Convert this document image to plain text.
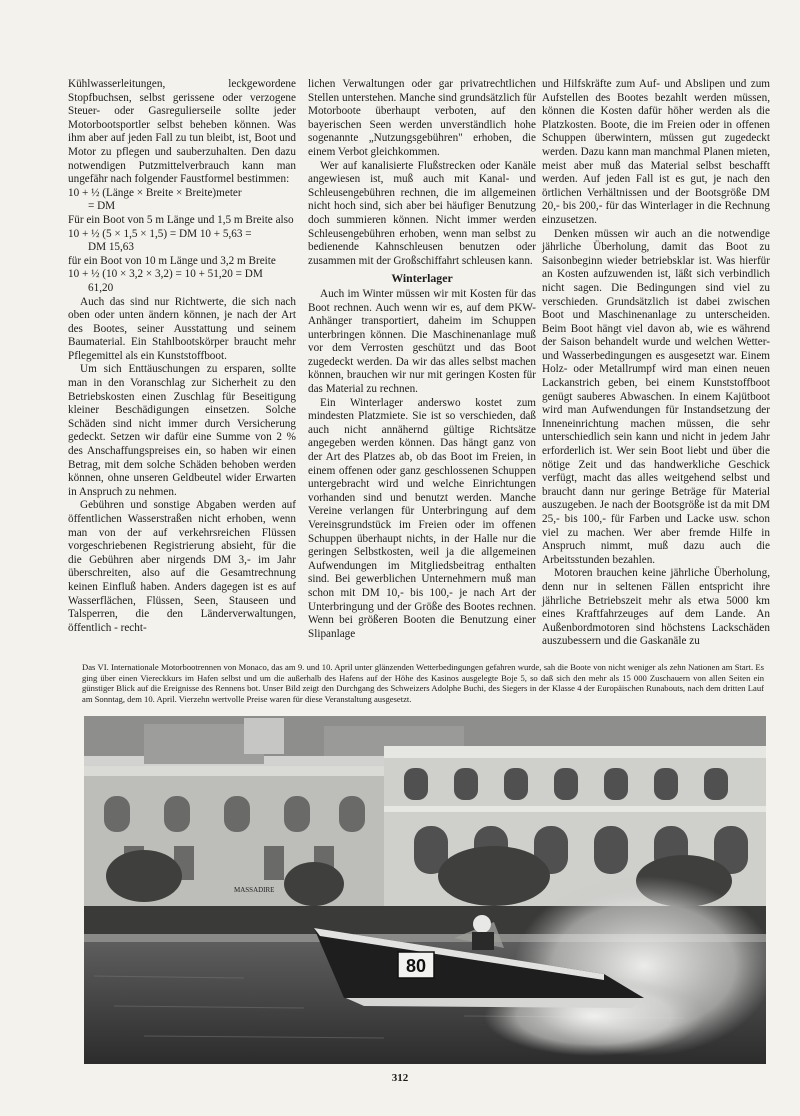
Kühlwasserleitungen, leckgewordene Stopfbuchsen, selbst gerissene oder verzogene Steuer- oder Gasregulierseile sollte jeder Motorbootsportler selbst beheben können. Was ihm aber auf jeden Fall zu tun bleibt, ist, Boot und Motor zu pflegen und sauberzuhalten. Den dazu notwendigen Putzmittelverbrauch kann man ungefähr nach folgender Faustformel bestimmen:

10 + ½ (Länge × Breite × Breite)meter

= DM

Für ein Boot von 5 m Länge und 1,5 m Breite also

10 + ½ (5 × 1,5 × 1,5) = DM 10 + 5,63 =

DM 15,63

für ein Boot von 10 m Länge und 3,2 m Breite

10 + ½ (10 × 3,2 × 3,2) = 10 + 51,20 = DM

61,20

Auch das sind nur Richtwerte, die sich nach oben oder unten ändern können, je nach der Art des Bootes, seiner Ausstattung und seinem Baumaterial. Ein Stahlbootskörper braucht mehr Pflegemittel als ein Kunststoffboot.

Um sich Enttäuschungen zu ersparen, sollte man in den Voranschlag zur Sicherheit zu den Betriebskosten einen Zuschlag für Beseitigung kleiner Beschädigungen einsetzen. Solche Schäden sind nicht immer durch Versicherung gedeckt. Setzen wir dafür eine Summe von 2 % des Anschaffungspreises ein, so haben wir einen Betrag, mit dem solche Schäden behoben werden können, ohne unseren Geldbeutel wider Erwarten in Anspruch zu nehmen.

Gebühren und sonstige Abgaben werden auf öffentlichen Wasserstraßen nicht erhoben, wenn man von der auf verkehrsreichen Flüssen vorgeschriebenen Registrierung absieht, für die die Gebühren aber nirgends DM 3,- im Jahr überschreiten, also auf die Gesamtrechnung keinen Einfluß haben. Anders dagegen ist es auf Wasserflächen, Flüssen, Seen, Stauseen und Talsperren, die den Länderverwaltungen, öffentlich - recht-

lichen Verwaltungen oder gar privatrechtlichen Stellen unterstehen. Manche sind grundsätzlich für Motorboote überhaupt verboten, auf den bayerischen Seen werden unverständlich hohe sogenannte „Nutzungsgebühren" erhoben, die einem Verbot gleichkommen.

Wer auf kanalisierte Flußstrecken oder Kanäle angewiesen ist, muß auch mit Kanal- und Schleusengebühren rechnen, die im allgemeinen nicht hoch sind, sich aber bei häufiger Benutzung doch summieren können. Nicht immer werden Schleusengebühren erhoben, wenn man selbst zu bedienende Kahnschleusen benutzen oder zusammen mit der Großschiffahrt schleusen kann.

Winterlager

Auch im Winter müssen wir mit Kosten für das Boot rechnen. Auch wenn wir es, auf dem PKW-Anhänger transportiert, daheim im Schuppen unterbringen können. Die Maschinenanlage muß vor dem Verrosten geschützt und das Boot zugedeckt werden. Da wir das alles selbst machen können, brauchen wir nur mit geringen Kosten für das Material zu rechnen.

Ein Winterlager anderswo kostet zum mindesten Platzmiete. Sie ist so verschieden, daß auch nicht annähernd gültige Richtsätze angegeben werden können. Das hängt ganz von der Art des Platzes ab, ob das Boot im Freien, in einem offenen oder ganz geschlossenen Schuppen untergebracht wird und welche Einrichtungen vorhanden sind und benutzt werden. Manche Vereine verlangen für Unterbringung auf dem Vereinsgrundstück im Freien oder im offenen Schuppen überhaupt nichts, in der Halle nur die geringen Selbstkosten, weil ja die allgemeinen Aufwendungen im Mitgliedsbeitrag enthalten sind. Bei gewerblichen Unternehmern muß man schon mit DM 10,- bis 100,- je nach Art der Unterbringung und der Größe des Bootes rechnen. Wenn bei größeren Booten die Benutzung einer Slipanlage

und Hilfskräfte zum Auf- und Abslipen und zum Aufstellen des Bootes bezahlt werden müssen, können die Kosten dafür höher werden als die Platzkosten. Boote, die im Freien oder in offenen Schuppen überwintern, müssen gut zugedeckt werden. Dazu kann man manchmal Planen mieten, meist aber muß das Material selbst beschafft werden. Auf jeden Fall ist es gut, je nach den örtlichen Verhältnissen und der Bootsgröße DM 20,- bis 200,- für das Winterlager in die Rechnung einzusetzen.

Denken müssen wir auch an die notwendige jährliche Überholung, damit das Boot zu Saisonbeginn wieder betriebsklar ist. Was hierfür an Kosten aufzuwenden ist, läßt sich verbindlich nicht sagen. Die Bedingungen sind viel zu verschieden. Grundsätzlich ist dabei zwischen Boot und Maschinenanlage zu unterscheiden. Beim Boot hängt viel davon ab, wie es während der Saison behandelt wurde und welchen Wetter- und Wasserbedingungen es ausgesetzt war. Einem Holz- oder Metallrumpf wird man einen neuen Lackanstrich geben, bei einem Kunststoffboot genügt sauberes Abwaschen. In einem Kajütboot wird man Aufwendungen für Instandsetzung der Inneneinrichtung machen müssen, die sehr unterschiedlich sein kann und nicht in jedem Jahr erforderlich ist. Wer sein Boot liebt und über die nötige Zeit und das handwerkliche Geschick verfügt, macht das alles weitgehend selbst und braucht dann nur geringe Beträge für Material auszugeben. Je nach der Bootsgröße ist da mit DM 25,- bis 100,- für Farben und Lacke usw. schon viel zu machen. Wer aber fremde Hilfe in Anspruch nimmt, muß dazu auch die Arbeitsstunden bezahlen.

Motoren brauchen keine jährliche Überholung, denn nur in seltenen Fällen entspricht ihre jährliche Betriebszeit mehr als etwa 5000 km eines Kraftfahrzeuges auf dem Lande. An Außenbordmotoren sind höchstens Lackschäden auszubessern und die Gaskanäle zu

Das VI. Internationale Motorbootrennen von Monaco, das am 9. und 10. April unter glänzenden Wetterbedingungen gefahren wurde, sah die Boote von nicht weniger als zehn Nationen am Start. Es ging über einen Viereckkurs im Hafen selbst und um die außerhalb des Hafens auf der Höhe des Kasinos ausgelegte Boje 5, so daß sich den mehr als 15 000 Zuschauern von allen Seiten ein günstiger Blick auf die Ereignisse des Rennens bot. Unser Bild zeigt den Durchgang des Schweizers Adolphe Buchi, des Siegers in der Klasse 4 der Europäischen Runabouts, nach dem dritten Lauf am Sonntag, dem 10. April. Vierzehn wertvolle Preise waren für diese Veranstaltung ausgesetzt.
MASSADIRE
80
312
